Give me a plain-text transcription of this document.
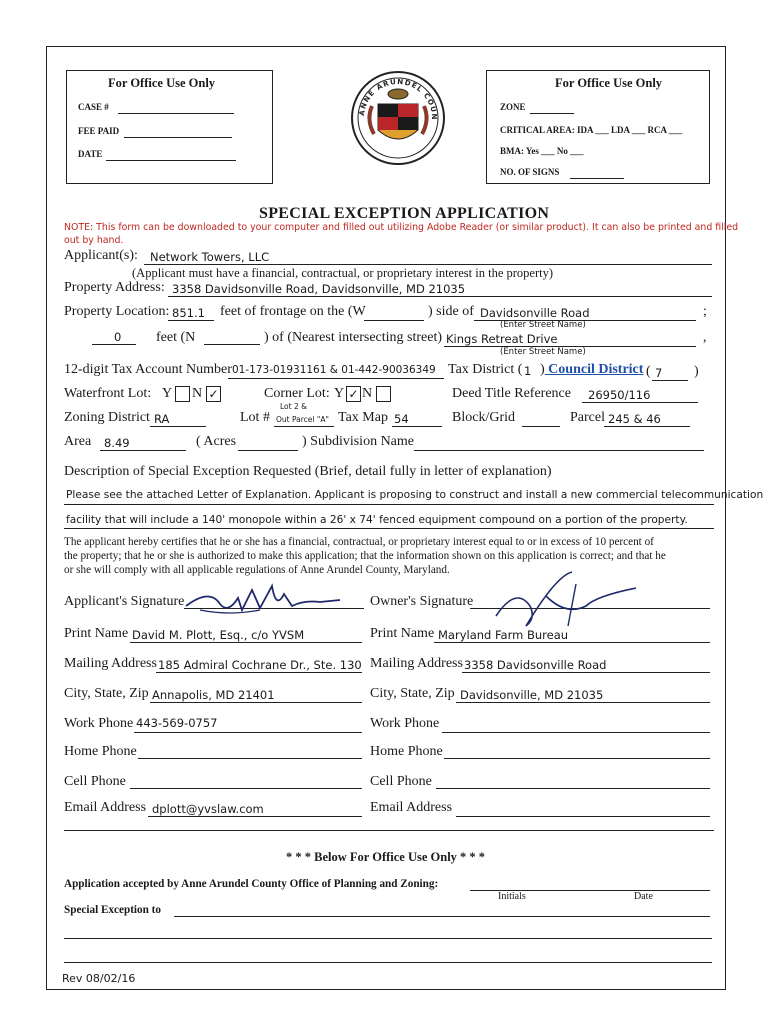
For Office Use Only
CASE #
FEE PAID
DATE
ANNE ARUNDEL COUN
For Office Use Only
ZONE
CRITICAL AREA: IDA ___ LDA ___ RCA ___
BMA: Yes ___ No ___
NO. OF SIGNS
SPECIAL EXCEPTION APPLICATION
NOTE: This form can be downloaded to your computer and filled out utilizing Adobe Reader (or similar product). It can also be printed and filled
out by hand.
Applicant(s): Network Towers, LLC
(Applicant must have a financial, contractual, or proprietary interest in the property)
Property Address: 3358 Davidsonville Road, Davidsonville, MD 21035
Property Location: 851.1 feet of frontage on the (W	) side of Davidsonville Road	;
(Enter Street Name)
0 feet (N	) of (Nearest intersecting street) Kings Retreat Drive	,
(Enter Street Name)
12-digit Tax Account Number 01-173-01931161 & 01-442-90036349 Tax District ( 1 ) Council District ( 7 )
Waterfront Lot: Y N ✓	Corner Lot: Y ✓ N	Deed Title Reference 26950/116
Zoning District RA	Lot #
Lot 2 &
Out Parcel "A" Tax Map 54	Block/Grid	Parcel 245 & 46
Area 8.49	( Acres	) Subdivision Name
Description of Special Exception Requested (Brief, detail fully in letter of explanation)
Please see the attached Letter of Explanation. Applicant is proposing to construct and install a new commercial telecommunication
facility that will include a 140' monopole within a 26' x 74' fenced equipment compound on a portion of the property.
The applicant hereby certifies that he or she has a financial, contractual, or proprietary interest equal to or in excess of 10 percent of
the property; that he or she is authorized to make this application; that the information shown on this application is correct; and that he
or she will comply with all applicable regulations of Anne Arundel County, Maryland.
Applicant's Signature	Owner's Signature
Print Name David M. Plott, Esq., c/o YVSM	Print Name Maryland Farm Bureau
Mailing Address 185 Admiral Cochrane Dr., Ste. 130 Mailing Address 3358 Davidsonville Road
City, State, Zip Annapolis, MD 21401	City, State, Zip Davidsonville, MD 21035
Work Phone 443-569-0757	Work Phone
Home Phone	Home Phone
Cell Phone	Cell Phone
Email Address dplott@yvslaw.com	Email Address
* * * Below For Office Use Only * * *
Application accepted by Anne Arundel County Office of Planning and Zoning:
Initials	Date
Special Exception to
Rev 08/02/16
